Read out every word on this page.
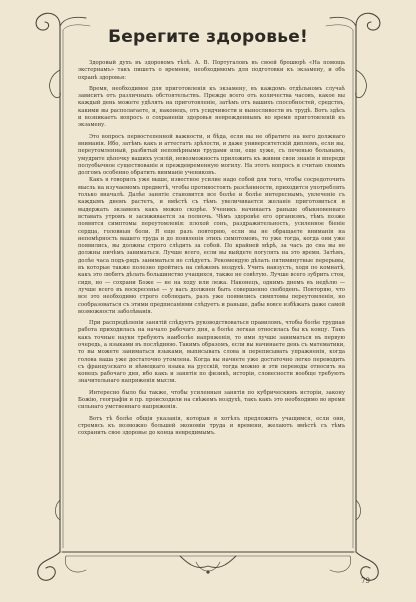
Берегите здоровье!

Здоровый духъ въ здоровомъ тѣлѣ. А. В. Португаловъ въ своей брошюрѣ «На помощь экстернамъ» такъ пишетъ о времени, необходимомъ для подготовки къ экзамену, и объ охранѣ здоровья:

Время, необходимое для приготовленія къ экзамену, въ каждомъ отдѣльномъ случаѣ зависитъ отъ различныхъ обстоятельствъ. Прежде всего отъ количества часовъ, какое вы каждый день можете удѣлять на приготовленіе, затѣмъ отъ вашихъ способностей, средствъ, какими вы располагаете, и, наконецъ, отъ усидчивости и выносливости въ трудѣ. Вотъ здѣсь и возникаетъ вопросъ о сохраненіи здоровья неврежденнымъ во время приготовленій къ экзамену.

Это вопросъ первостепенной важности, и бѣда, если вы не обратите на него должнаго вниманія. Ибо, затѣмъ какъ и аттестатъ зрѣлости, и даже университетскій дипломъ, если вы, переутомленный, разбитый непомѣрными трудами или, еще хуже, съ печенью больнымъ, умудрите цѣпочку вашихъ усилій, невозможность приложить къ живни свои знанія и впереди полуобычное существованіе и преждевременную могилу. На этотъ вопросъ я считаю своимъ долгомъ особенно обратить вниманіе учениковъ.

Какъ я говорилъ уже выше, известное усилие надо собой для того, чтобы сосредоточить мысль на изучаемомъ предметѣ, чтобы противостоять разсѣянности, приходится употреблять только вначалѣ. Далѣе занятіе становится все болѣе и болѣе интереснымъ, увлеченіе съ каждымъ днемъ растетъ, и вмѣстѣ съ тѣмъ увеличивается желаніе приготовиться и выдержать экзаменъ какъ можно скорѣе. Ученикъ начинаетъ раньше обыкновеннаго вставать утромъ и засиживается за полночь. Чѣмъ здоровѣе его организмъ, тѣмъ позже появятся симптомы переутомленія: плохой сонъ, раздражительность, усиленное біеніе сердца, головныя боли. Я еще разъ повторяю, если вы не обращаете вниманія на непомѣрность вашего труда и до появленія этихъ симптомовъ, то уже тогда, когда они уже появились, вы должны строго слѣдить за собой. По крайней мѣрѣ, за часъ до сна вы не должны ничѣмъ заниматься. Лучше всего, если вы выйдете погулять на это время. Затѣмъ, долѣе часа подъ-рядъ заниматься не слѣдуетъ. Рекомендую дѣлать пятиминутные перерывы, въ которые также полезно пройтись на свѣжемъ воздухѣ. Учить наизусть, ходя по комнатѣ, какъ это любятъ дѣлать большинство учащихся, также не совѣтую. Лучше всего зубрить стоя, сидя, но — сохрани Боже — не на ходу или лежа. Наконецъ, однимъ днемъ въ недѣлю — лучше всего въ воскресенье — у васъ должнен быть совершенно свободенъ. Повторяю, что все это необходимо строго соблюдать, разъ уже появились симптомы переутомленія, но сообразоваться съ этими предписаніями слѣдуетъ и раньше, дабы вовсе избѣжать даже самой возможности заболѣванія.

При распредѣленіи занятій слѣдуетъ руководствоваться правиломъ, чтобы болѣе трудная работа приходилась на начало рабочаго дня, а болѣе легкая относилась бы къ концу. Такъ какъ точные науки требуютъ наиболѣе напряженія, то ими лучше заниматься въ первую очередь, а языками въ послѣднюю. Такимъ образомъ, если вы начинаете день съ математики, то вы можете заниматься языками, выписывать слова и переписывать упражненія, когда голова ваша уже достаточно утомлена. Когда вы начнете уже достаточно легко переводить съ французскаго и нѣмецкаго языка на русскій, тогда можно и эти переводы относить на конецъ рабочаго дня, ибо какъ и занятія по физикѣ, исторіи, словесности вообще требуютъ значительнаго напряженія мысли.

Интересно было бы также, чтобы усиленныя занятія по кубрическимъ исторіи, закону Божію, географіи и пр. происходили на свѣжемъ воздухѣ, такъ какъ это необходимо во время сильнаго умственнаго напряженія.

Вотъ тѣ болѣе общія указанія, которыя я хотѣлъ предложить учащимся, если они, стремясь къ возможно большей экономіи труда и времени, желаютъ вмѣстѣ съ тѣмъ сохранить свое здоровье до конца невредимымъ.

79
